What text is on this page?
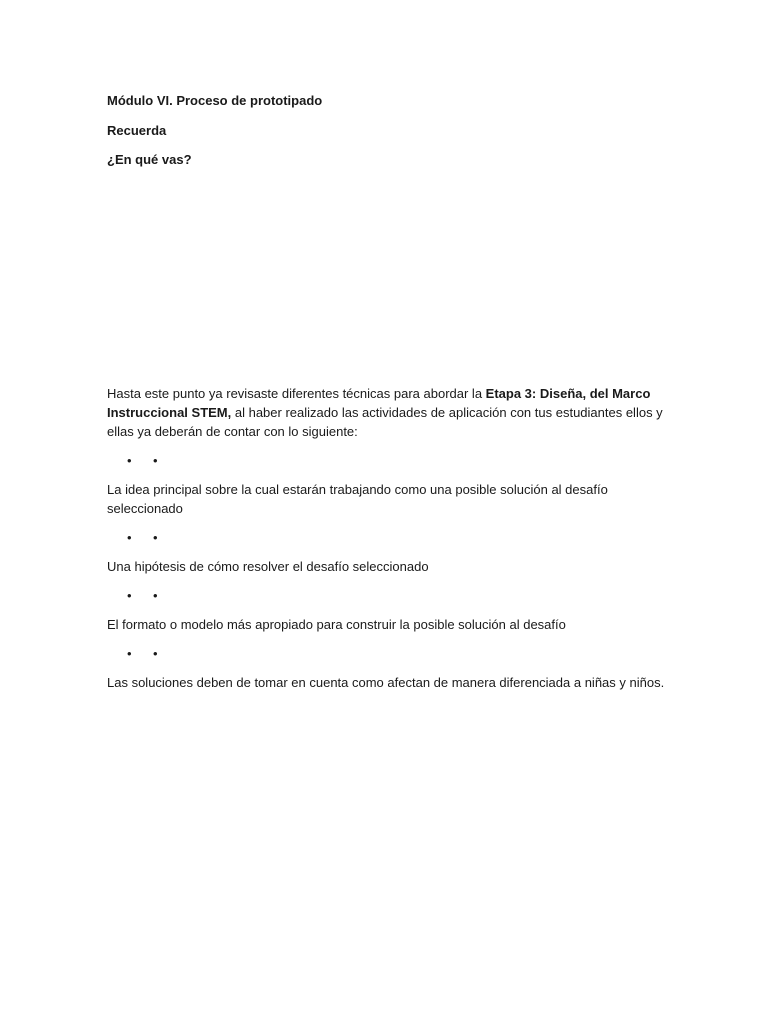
Módulo VI. Proceso de prototipado

Recuerda

¿En qué vas?

Hasta este punto ya revisaste diferentes técnicas para abordar la Etapa 3: Diseña, del Marco Instruccional STEM, al haber realizado las actividades de aplicación con tus estudiantes ellos y ellas ya deberán de contar con lo siguiente:

• •

La idea principal sobre la cual estarán trabajando como una posible solución al desafío seleccionado

• •

Una hipótesis de cómo resolver el desafío seleccionado

• •

El formato o modelo más apropiado para construir la posible solución al desafío

• •

Las soluciones deben de tomar en cuenta como afectan de manera diferenciada a niñas y niños.
